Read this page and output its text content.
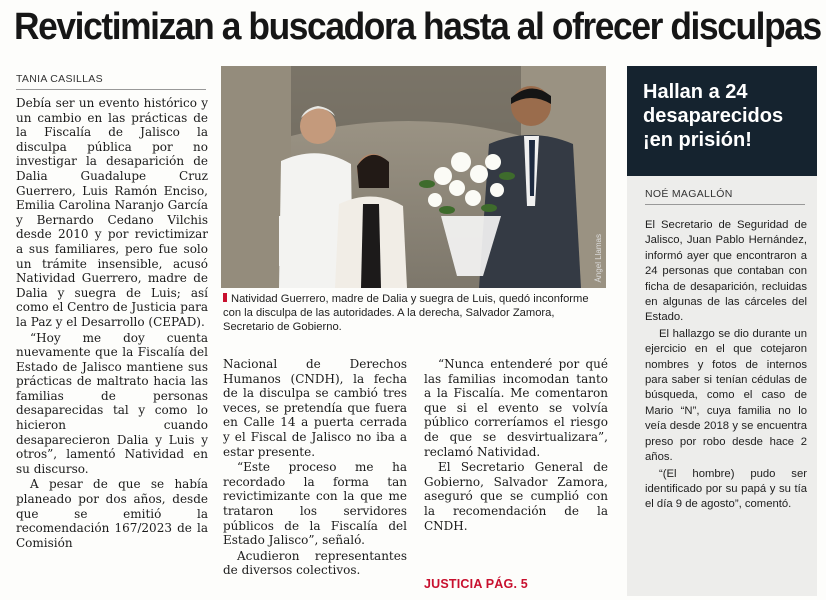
Revictimizan a buscadora hasta al ofrecer disculpas
TANIA CASILLAS

Debía ser un evento histórico y un cambio en las prácticas de la Fiscalía de Jalisco la disculpa pública por no investigar la desaparición de Dalia Guadalupe Cruz Guerrero, Luis Ramón Enciso, Emilia Carolina Naranjo García y Bernardo Cedano Vilchis desde 2010 y por revictimizar a sus familiares, pero fue solo un trámite insensible, acusó Natividad Guerrero, madre de Dalia y suegra de Luis; así como el Centro de Justicia para la Paz y el Desarrollo (CEPAD).

“Hoy me doy cuenta nuevamente que la Fiscalía del Estado de Jalisco mantiene sus prácticas de maltrato hacia las familias de personas desaparecidas tal y como lo hicieron cuando desaparecieron Dalia y Luis y otros”, lamentó Natividad en su discurso.

A pesar de que se había planeado por dos años, desde que se emitió la recomendación 167/2023 de la Comisión

Ángel Llamas
Natividad Guerrero, madre de Dalia y suegra de Luis, quedó inconforme con la disculpa de las autoridades. A la derecha, Salvador Zamora, Secretario de Gobierno.

Nacional de Derechos Humanos (CNDH), la fecha de la disculpa se cambió tres veces, se pretendía que fuera en Calle 14 a puerta cerrada y el Fiscal de Jalisco no iba a estar presente.

“Este proceso me ha recordado la forma tan revictimizante con la que me trataron los servidores públicos de la Fiscalía del Estado Jalisco”, señaló.

Acudieron representantes de diversos colectivos.

“Nunca entenderé por qué las familias incomodan tanto a la Fiscalía. Me comentaron que si el evento se volvía público correríamos el riesgo de que se desvirtualizara”, reclamó Natividad.

El Secretario General de Gobierno, Salvador Zamora, aseguró que se cumplió con la recomendación de la CNDH.

JUSTICIA PÁG. 5
Hallan a 24
desaparecidos
¡en prisión!
NOÉ MAGALLÓN

El Secretario de Seguridad de Jalisco, Juan Pablo Hernández, informó ayer que encontraron a 24 personas que contaban con ficha de desaparición, recluidas en algunas de las cárceles del Estado.

El hallazgo se dio durante un ejercicio en el que cotejaron nombres y fotos de internos para saber si tenían cédulas de búsqueda, como el caso de Mario “N”, cuya familia no lo veía desde 2018 y se encuentra preso por robo desde hace 2 años.

“(El hombre) pudo ser identificado por su papá y su tía el día 9 de agosto”, comentó.
